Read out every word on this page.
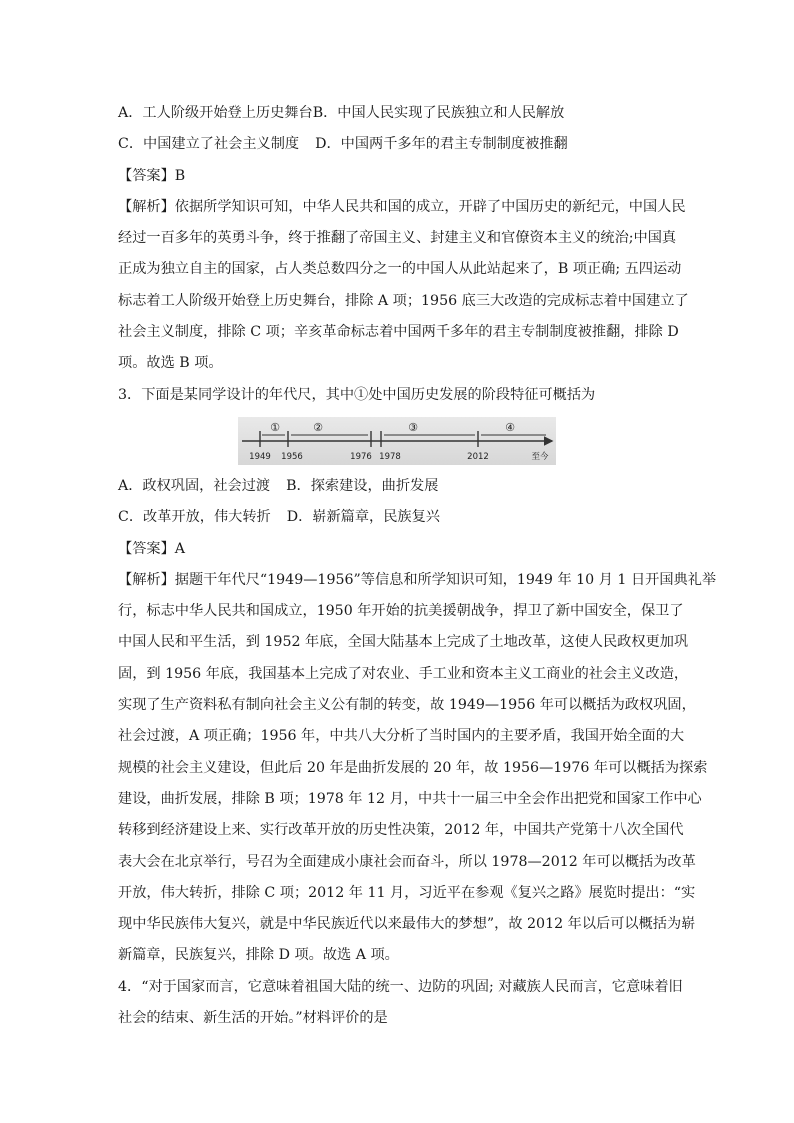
A．工人阶级开始登上历史舞台B．中国人民实现了民族独立和人民解放
C．中国建立了社会主义制度 D．中国两千多年的君主专制制度被推翻
【答案】B
【解析】依据所学知识可知，中华人民共和国的成立，开辟了中国历史的新纪元，中国人民
经过一百多年的英勇斗争，终于推翻了帝国主义、封建主义和官僚资本主义的统治;中国真
正成为独立自主的国家，占人类总数四分之一的中国人从此站起来了，B 项正确; 五四运动
标志着工人阶级开始登上历史舞台，排除 A 项；1956 底三大改造的完成标志着中国建立了
社会主义制度，排除 C 项；辛亥革命标志着中国两千多年的君主专制制度被推翻，排除 D
项。故选 B 项。
3．下面是某同学设计的年代尺，其中①处中国历史发展的阶段特征可概括为
①	②	③	④
1949 1956	1976 1978	2012	至今
A．政权巩固，社会过渡 B．探索建设，曲折发展
C．改革开放，伟大转折 D．崭新篇章，民族复兴
【答案】A
【解析】据题干年代尺“1949—1956”等信息和所学知识可知，1949 年 10 月 1 日开国典礼举
行，标志中华人民共和国成立，1950 年开始的抗美援朝战争，捍卫了新中国安全，保卫了
中国人民和平生活，到 1952 年底，全国大陆基本上完成了土地改革，这使人民政权更加巩
固，到 1956 年底，我国基本上完成了对农业、手工业和资本主义工商业的社会主义改造，
实现了生产资料私有制向社会主义公有制的转变，故 1949—1956 年可以概括为政权巩固，
社会过渡，A 项正确；1956 年，中共八大分析了当时国内的主要矛盾，我国开始全面的大
规模的社会主义建设，但此后 20 年是曲折发展的 20 年，故 1956—1976 年可以概括为探索
建设，曲折发展，排除 B 项；1978 年 12 月，中共十一届三中全会作出把党和国家工作中心
转移到经济建设上来、实行改革开放的历史性决策，2012 年，中国共产党第十八次全国代
表大会在北京举行，号召为全面建成小康社会而奋斗，所以 1978—2012 年可以概括为改革
开放，伟大转折，排除 C 项；2012 年 11 月，习近平在参观《复兴之路》展览时提出：“实
现中华民族伟大复兴，就是中华民族近代以来最伟大的梦想”，故 2012 年以后可以概括为崭
新篇章，民族复兴，排除 D 项。故选 A 项。
4．“对于国家而言，它意味着祖国大陆的统一、边防的巩固; 对藏族人民而言，它意味着旧
社会的结束、新生活的开始。”材料评价的是
